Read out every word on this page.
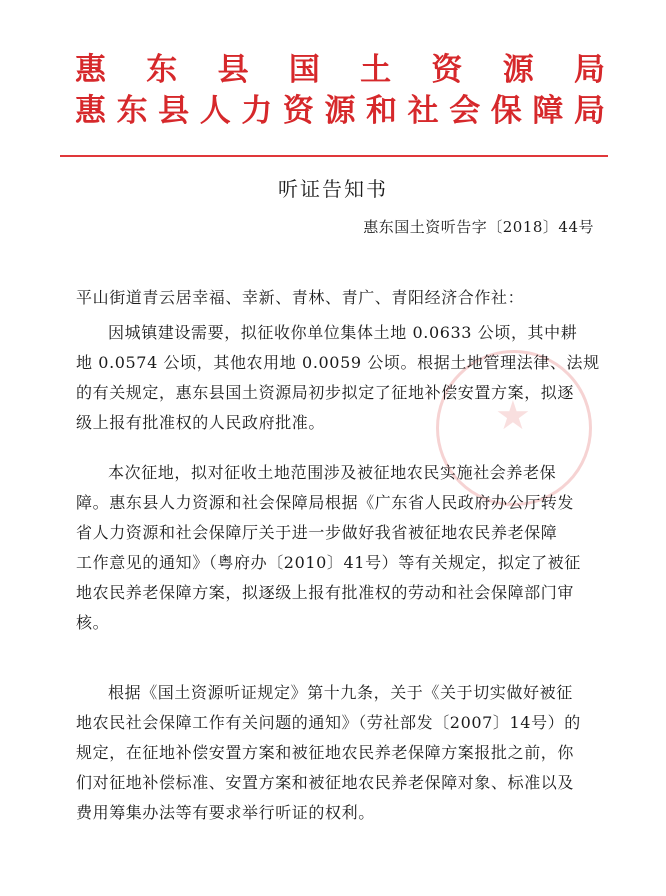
惠 东 县 国 土 资 源 局
惠 东 县 人 力 资 源 和 社 会 保 障 局
★
听证告知书
惠东国土资听告字〔2018〕44号
平山街道青云居幸福、幸新、青林、青广、青阳经济合作社：
因城镇建设需要，拟征收你单位集体土地 0.0633 公顷，其中耕
地 0.0574 公顷，其他农用地 0.0059 公顷。根据土地管理法律、法规
的有关规定，惠东县国土资源局初步拟定了征地补偿安置方案，拟逐
级上报有批准权的人民政府批准。
本次征地，拟对征收土地范围涉及被征地农民实施社会养老保
障。惠东县人力资源和社会保障局根据《广东省人民政府办公厅转发
省人力资源和社会保障厅关于进一步做好我省被征地农民养老保障
工作意见的通知》（粤府办〔2010〕41号）等有关规定，拟定了被征
地农民养老保障方案，拟逐级上报有批准权的劳动和社会保障部门审
核。
根据《国土资源听证规定》第十九条，关于《关于切实做好被征
地农民社会保障工作有关问题的通知》（劳社部发〔2007〕14号）的
规定，在征地补偿安置方案和被征地农民养老保障方案报批之前，你
们对征地补偿标准、安置方案和被征地农民养老保障对象、标准以及
费用筹集办法等有要求举行听证的权利。
